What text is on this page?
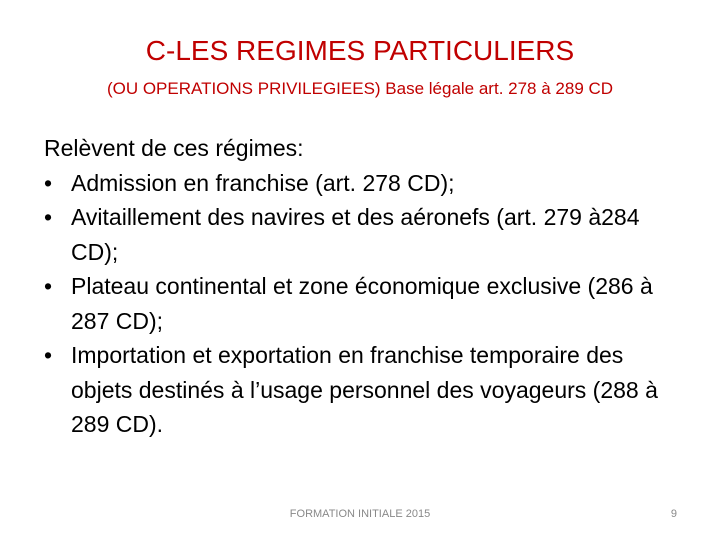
C-LES REGIMES PARTICULIERS
(OU OPERATIONS PRIVILEGIEES) Base légale art. 278 à 289 CD

Relèvent de ces régimes:

• Admission en franchise (art. 278 CD);
• Avitaillement des navires et des aéronefs (art. 279 à284 CD);
• Plateau continental et zone économique exclusive (286 à 287 CD);
• Importation et exportation en franchise temporaire des objets destinés à l’usage personnel des voyageurs (288 à 289 CD).
FORMATION INITIALE 2015	9
